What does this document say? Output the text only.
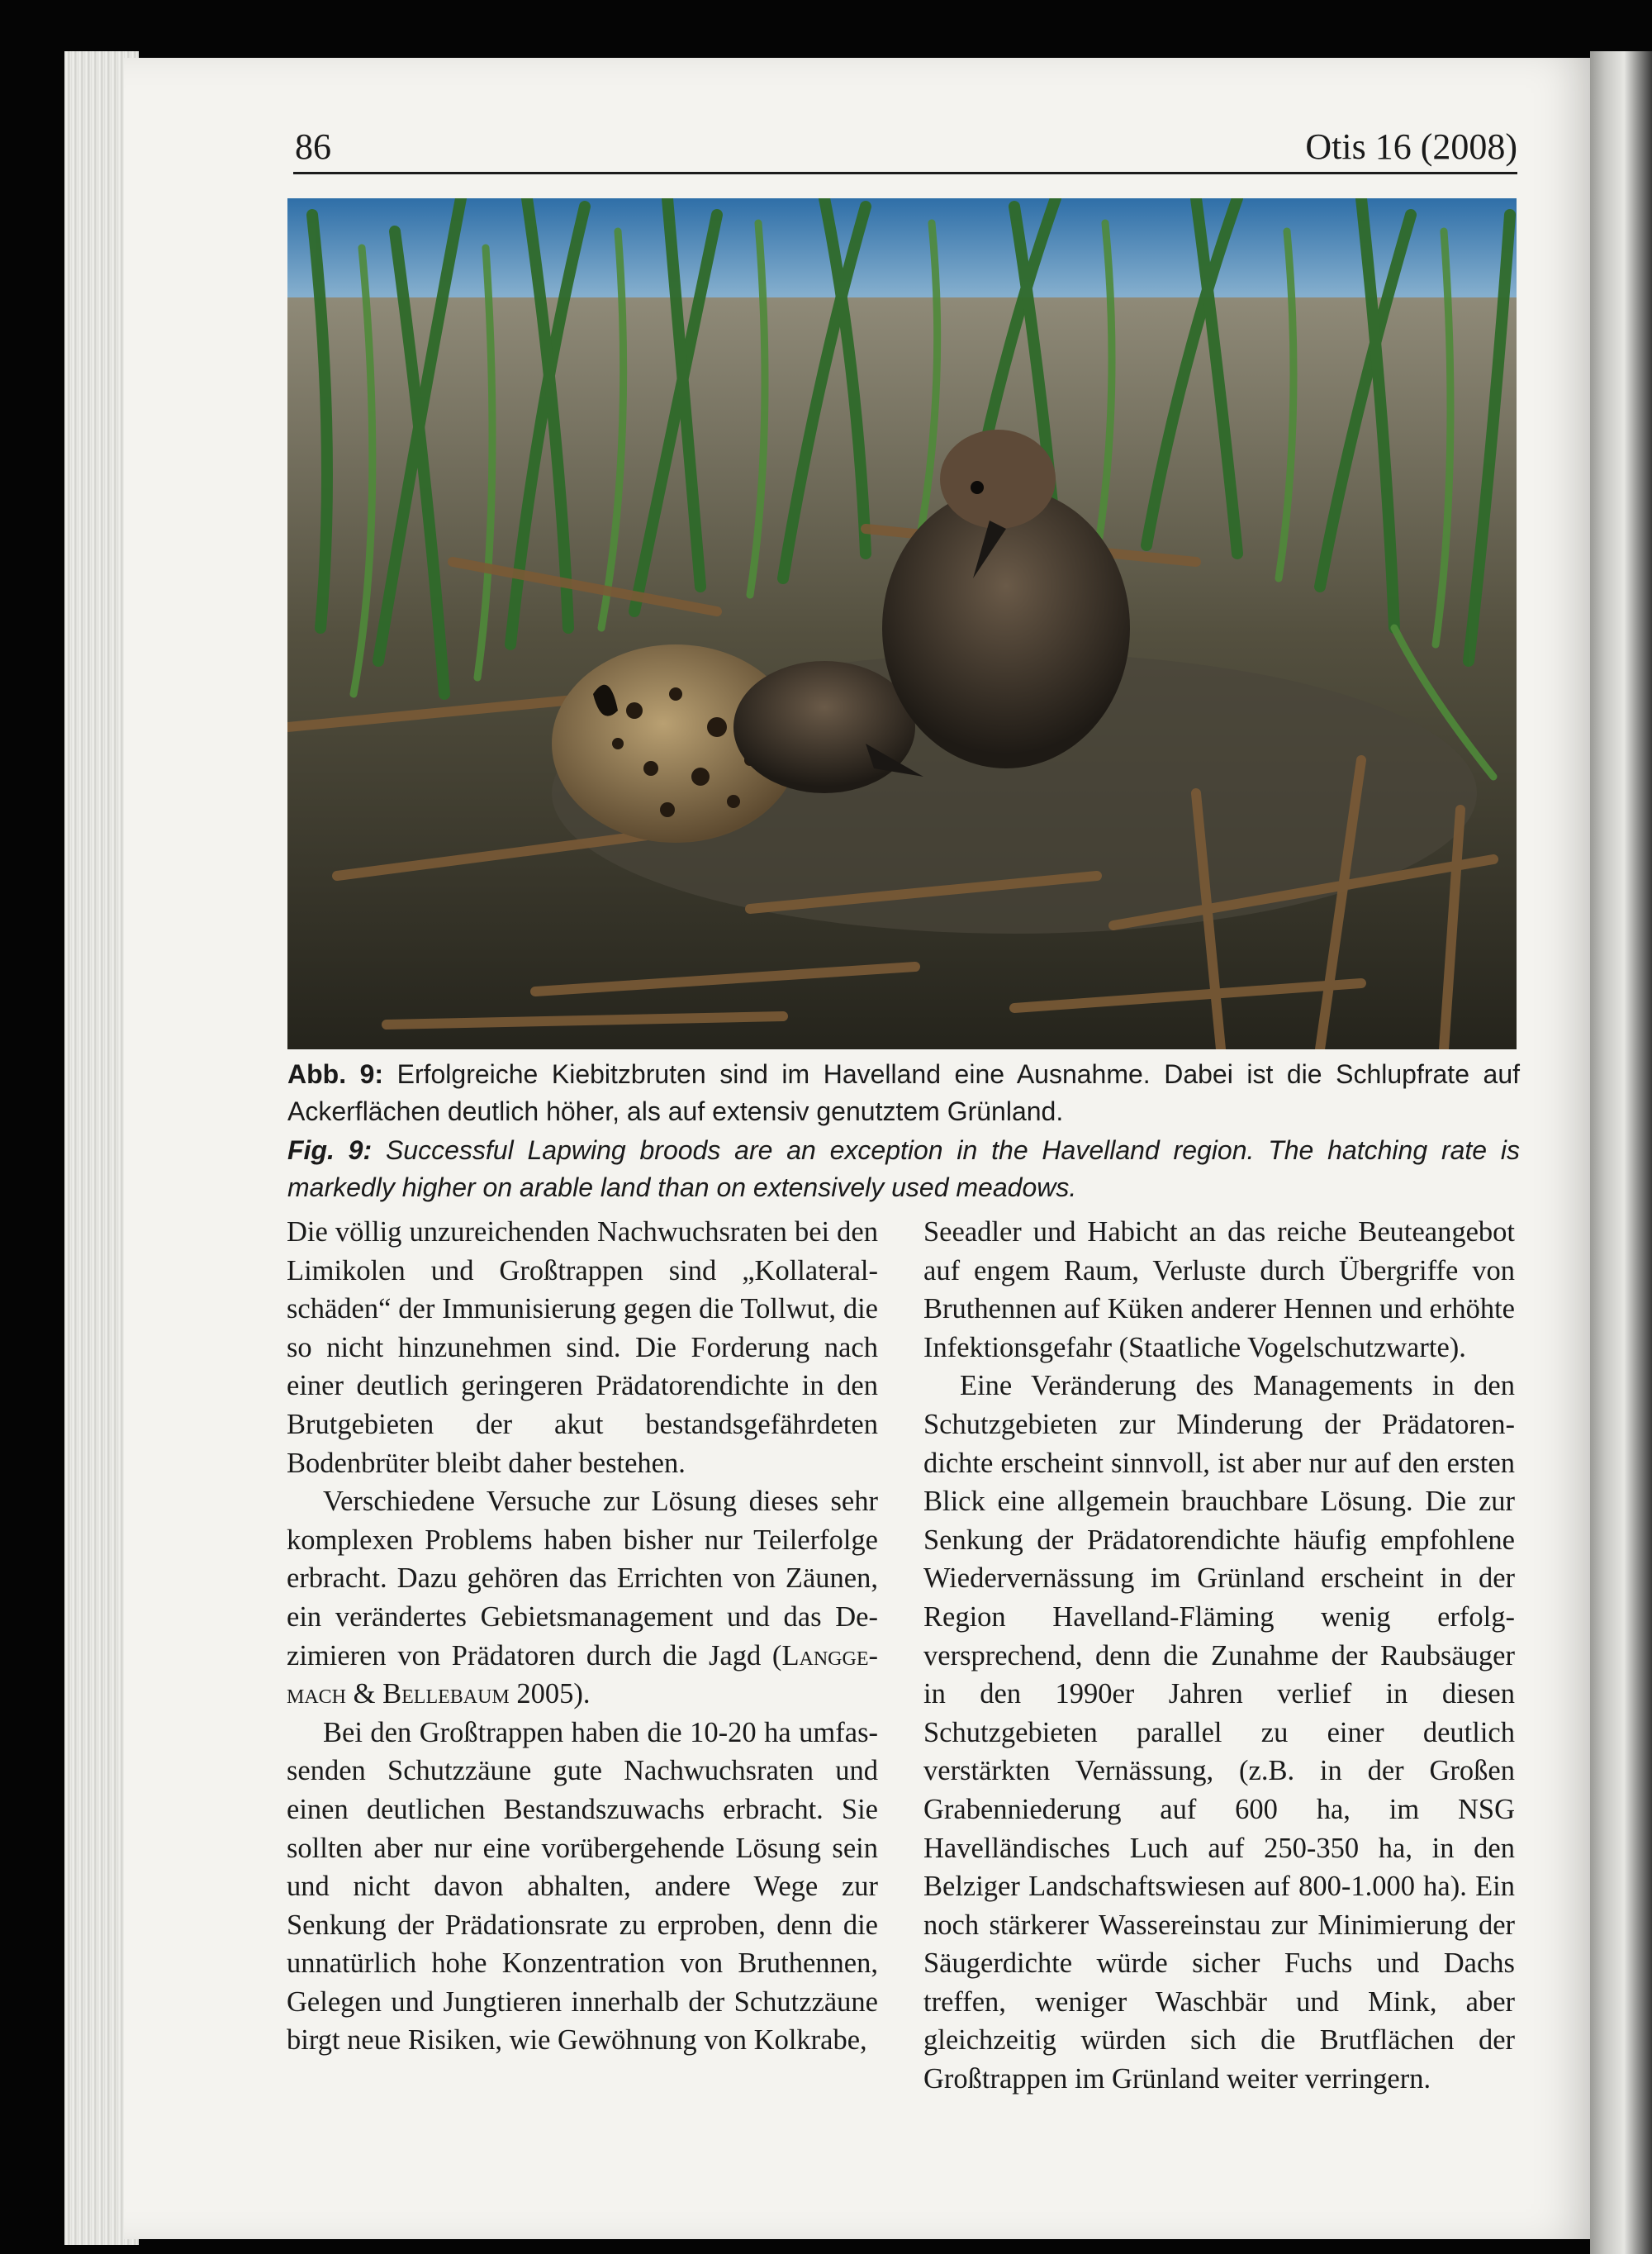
86	Otis 16 (2008)

Abb. 9: Erfolgreiche Kiebitzbruten sind im Havelland eine Ausnahme. Dabei ist die Schlupfrate auf Ackerflächen deutlich höher, als auf extensiv genutztem Grünland.

Fig. 9: Successful Lapwing broods are an exception in the Havelland region. The hatching rate is markedly higher on arable land than on extensively used meadows.

Die völlig unzureichenden Nachwuchsraten bei den Limikolen und Großtrappen sind „Kollateralschäden“ der Immunisierung gegen die Tollwut, die so nicht hinzunehmen sind. Die Forderung nach einer deutlich geringeren Prädatorendichte in den Brutgebieten der akut bestandsgefährdeten Bodenbrüter bleibt daher bestehen.

Verschiedene Versuche zur Lösung dieses sehr komplexen Problems haben bisher nur Teilerfolge erbracht. Dazu gehören das Errichten von Zäunen, ein verändertes Gebietsmanagement und das Dezimieren von Prädatoren durch die Jagd (Langgemach & Bellebaum 2005).

Bei den Großtrappen haben die 10-20 ha umfassenden Schutzzäune gute Nachwuchsraten und einen deutlichen Bestandszuwachs erbracht. Sie sollten aber nur eine vorübergehende Lösung sein und nicht davon abhalten, andere Wege zur Senkung der Prädationsrate zu erproben, denn die unnatürlich hohe Konzentration von Bruthennen, Gelegen und Jungtieren innerhalb der Schutzzäune birgt neue Risiken, wie Gewöhnung von Kolkrabe,

Seeadler und Habicht an das reiche Beuteangebot auf engem Raum, Verluste durch Übergriffe von Bruthennen auf Küken anderer Hennen und erhöhte Infektionsgefahr (Staatliche Vogelschutzwarte).

Eine Veränderung des Managements in den Schutzgebieten zur Minderung der Prädatorendichte erscheint sinnvoll, ist aber nur auf den ersten Blick eine allgemein brauchbare Lösung. Die zur Senkung der Prädatorendichte häufig empfohlene Wiedervernässung im Grünland erscheint in der Region Havelland-Fläming wenig erfolgversprechend, denn die Zunahme der Raubsäuger in den 1990er Jahren verlief in diesen Schutzgebieten parallel zu einer deutlich verstärkten Vernässung, (z.B. in der Großen Grabenniederung auf 600 ha, im NSG Havelländisches Luch auf 250-350 ha, in den Belziger Landschaftswiesen auf 800-1.000 ha). Ein noch stärkerer Wassereinstau zur Minimierung der Säugerdichte würde sicher Fuchs und Dachs treffen, weniger Waschbär und Mink, aber gleichzeitig würden sich die Brutflächen der Großtrappen im Grünland weiter verringern.
